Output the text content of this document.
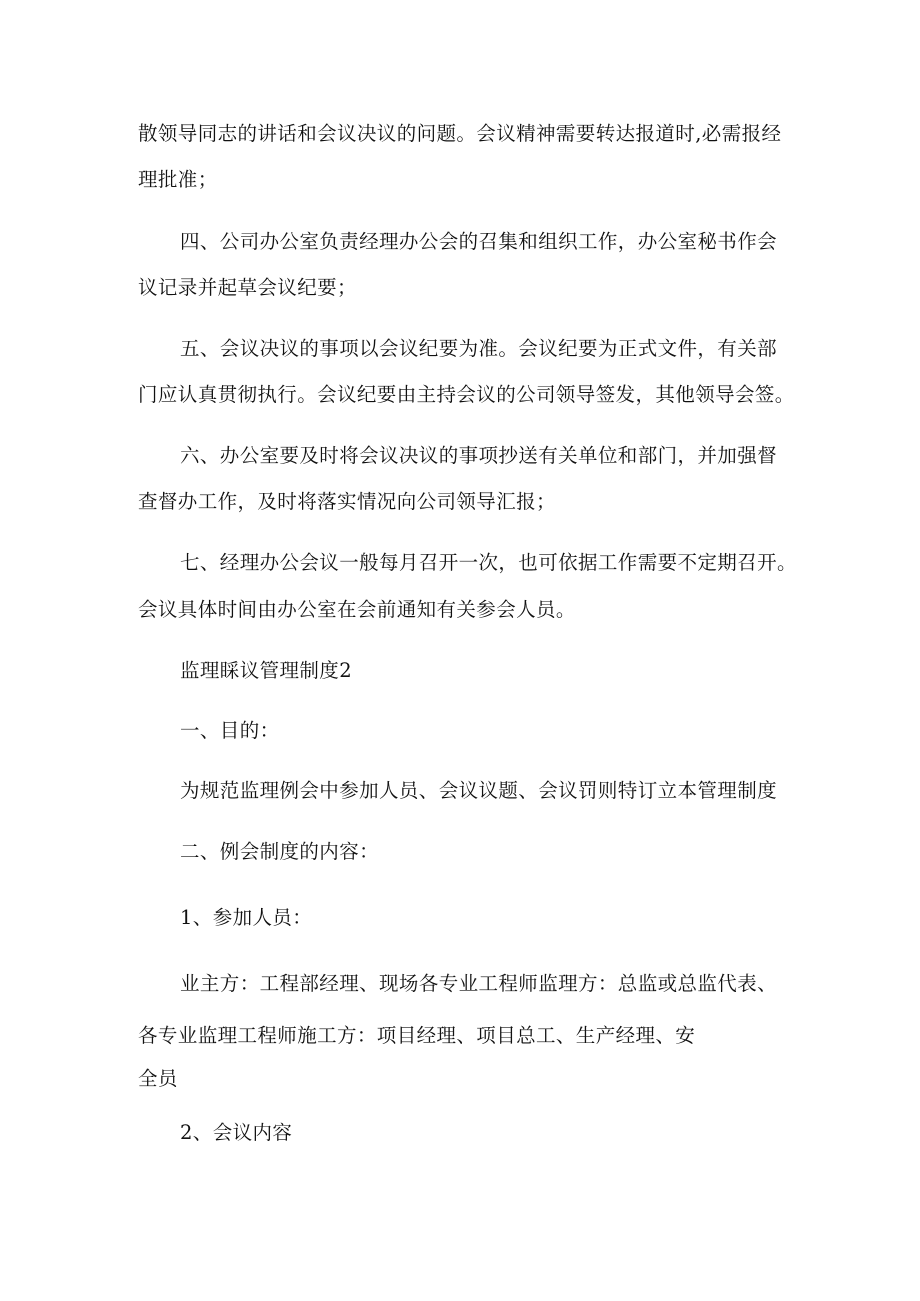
散领导同志的讲话和会议决议的问题。会议精神需要转达报道时,必需报经
理批准；
四、公司办公室负责经理办公会的召集和组织工作，办公室秘书作会
议记录并起草会议纪要；
五、会议决议的事项以会议纪要为准。会议纪要为正式文件，有关部
门应认真贯彻执行。会议纪要由主持会议的公司领导签发，其他领导会签。
六、办公室要及时将会议决议的事项抄送有关单位和部门，并加强督
查督办工作，及时将落实情况向公司领导汇报；
七、经理办公会议一般每月召开一次，也可依据工作需要不定期召开。
会议具体时间由办公室在会前通知有关参会人员。
监理睬议管理制度2
一、目的：
为规范监理例会中参加人员、会议议题、会议罚则特订立本管理制度
二、例会制度的内容：
1、参加人员：
业主方：工程部经理、现场各专业工程师监理方：总监或总监代表、
各专业监理工程师施工方：项目经理、项目总工、生产经理、安
全员
2、会议内容
